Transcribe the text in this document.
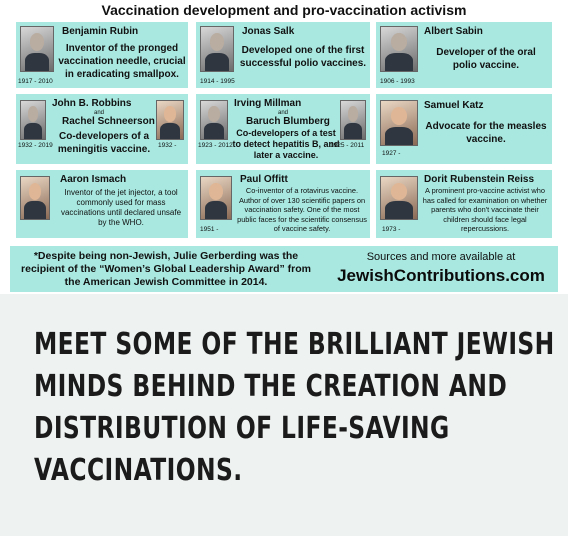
Vaccination development and pro-vaccination activism
1917 - 2010
Benjamin Rubin
Inventor of the pronged vaccination needle, crucial in eradicating smallpox.
1914 - 1995
Jonas Salk
Developed one of the first successful polio vaccines.
1906 - 1993
Albert Sabin
Developer of the oral polio vaccine.
1932 - 2019	1932 -
John B. Robbins
and
Rachel Schneerson
Co-developers of a meningitis vaccine.	1923 - 2012	1925 - 2011
Irving Millman
and
Baruch Blumberg
Co-developers of a test to detect hepatitis B, and later a vaccine.	1927 -
Samuel Katz
Advocate for the measles vaccine.
Aaron Ismach
Inventor of the jet injector, a tool commonly used for mass vaccinations until declared unsafe by the WHO.
1951 -
Paul Offitt
Co-inventor of a rotavirus vaccine. Author of over 130 scientific papers on vaccination safety. One of the most public faces for the scientific consensus of vaccine safety.	1973 -
Dorit Rubenstein Reiss
A prominent pro-vaccine activist who has called for examination on whether parents who don't vaccinate their children should face legal repercussions.
*Despite being non-Jewish, Julie Gerberding was the recipient of the “Women’s Global Leadership Award” from the American Jewish Committee in 2014.
Sources and more available at
JewishContributions.com
MEET SOME OF THE BRILLIANT JEWISH
MINDS BEHIND THE CREATION AND
DISTRIBUTION OF LIFE-SAVING
VACCINATIONS.
